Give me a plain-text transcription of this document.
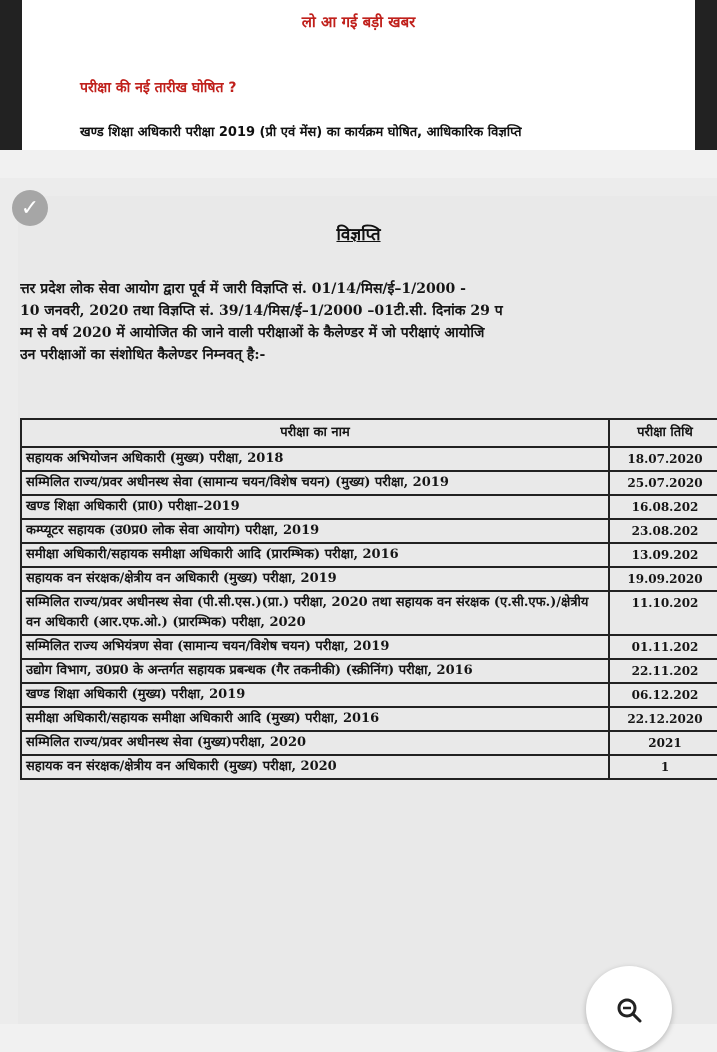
लो आ गई बड़ी खबर
परीक्षा की नई तारीख घोषित ?
खण्ड शिक्षा अधिकारी परीक्षा 2019 (प्री एवं मेंस) का कार्यक्रम घोषित, आधिकारिक विज्ञप्ति
✓
विज्ञप्ति
त्तर प्रदेश लोक सेवा आयोग द्वारा पूर्व में जारी विज्ञप्ति सं. 01/14/मिस/ई–1/2000 -
10 जनवरी, 2020 तथा विज्ञप्ति सं. 39/14/मिस/ई–1/2000 –01टी.सी. दिनांक 29 प
म्म से वर्ष 2020 में आयोजित की जाने वाली परीक्षाओं के कैलेण्डर में जो परीक्षाएं आयोजि
उन परीक्षाओं का संशोधित कैलेण्डर निम्नवत् है:-
परीक्षा का नाम	परीक्षा तिथि
सहायक अभियोजन अधिकारी (मुख्य) परीक्षा, 2018	18.07.2020
सम्मिलित राज्य/प्रवर अधीनस्थ सेवा (सामान्य चयन/विशेष चयन) (मुख्य) परीक्षा, 2019	25.07.2020
खण्ड शिक्षा अधिकारी (प्रा0) परीक्षा–2019	16.08.202
कम्प्यूटर सहायक (उ0प्र0 लोक सेवा आयोग) परीक्षा, 2019	23.08.202
समीक्षा अधिकारी/सहायक समीक्षा अधिकारी आदि (प्रारम्भिक) परीक्षा, 2016	13.09.202
सहायक वन संरक्षक/क्षेत्रीय वन अधिकारी (मुख्य) परीक्षा, 2019	19.09.2020
सम्मिलित राज्य/प्रवर अधीनस्थ सेवा (पी.सी.एस.)(प्रा.) परीक्षा, 2020 तथा सहायक वन संरक्षक (ए.सी.एफ.)/क्षेत्रीय वन अधिकारी (आर.एफ.ओ.) (प्रारम्भिक) परीक्षा, 2020	11.10.202
सम्मिलित राज्य अभियंत्रण सेवा (सामान्य चयन/विशेष चयन) परीक्षा, 2019	01.11.202
उद्योग विभाग, उ0प्र0 के अन्तर्गत सहायक प्रबन्धक (गैर तकनीकी) (स्क्रीनिंग) परीक्षा, 2016	22.11.202
खण्ड शिक्षा अधिकारी (मुख्य) परीक्षा, 2019	06.12.202
समीक्षा अधिकारी/सहायक समीक्षा अधिकारी आदि (मुख्य) परीक्षा, 2016	22.12.2020
सम्मिलित राज्य/प्रवर अधीनस्थ सेवा (मुख्य)परीक्षा, 2020	2021
सहायक वन संरक्षक/क्षेत्रीय वन अधिकारी (मुख्य) परीक्षा, 2020	1
